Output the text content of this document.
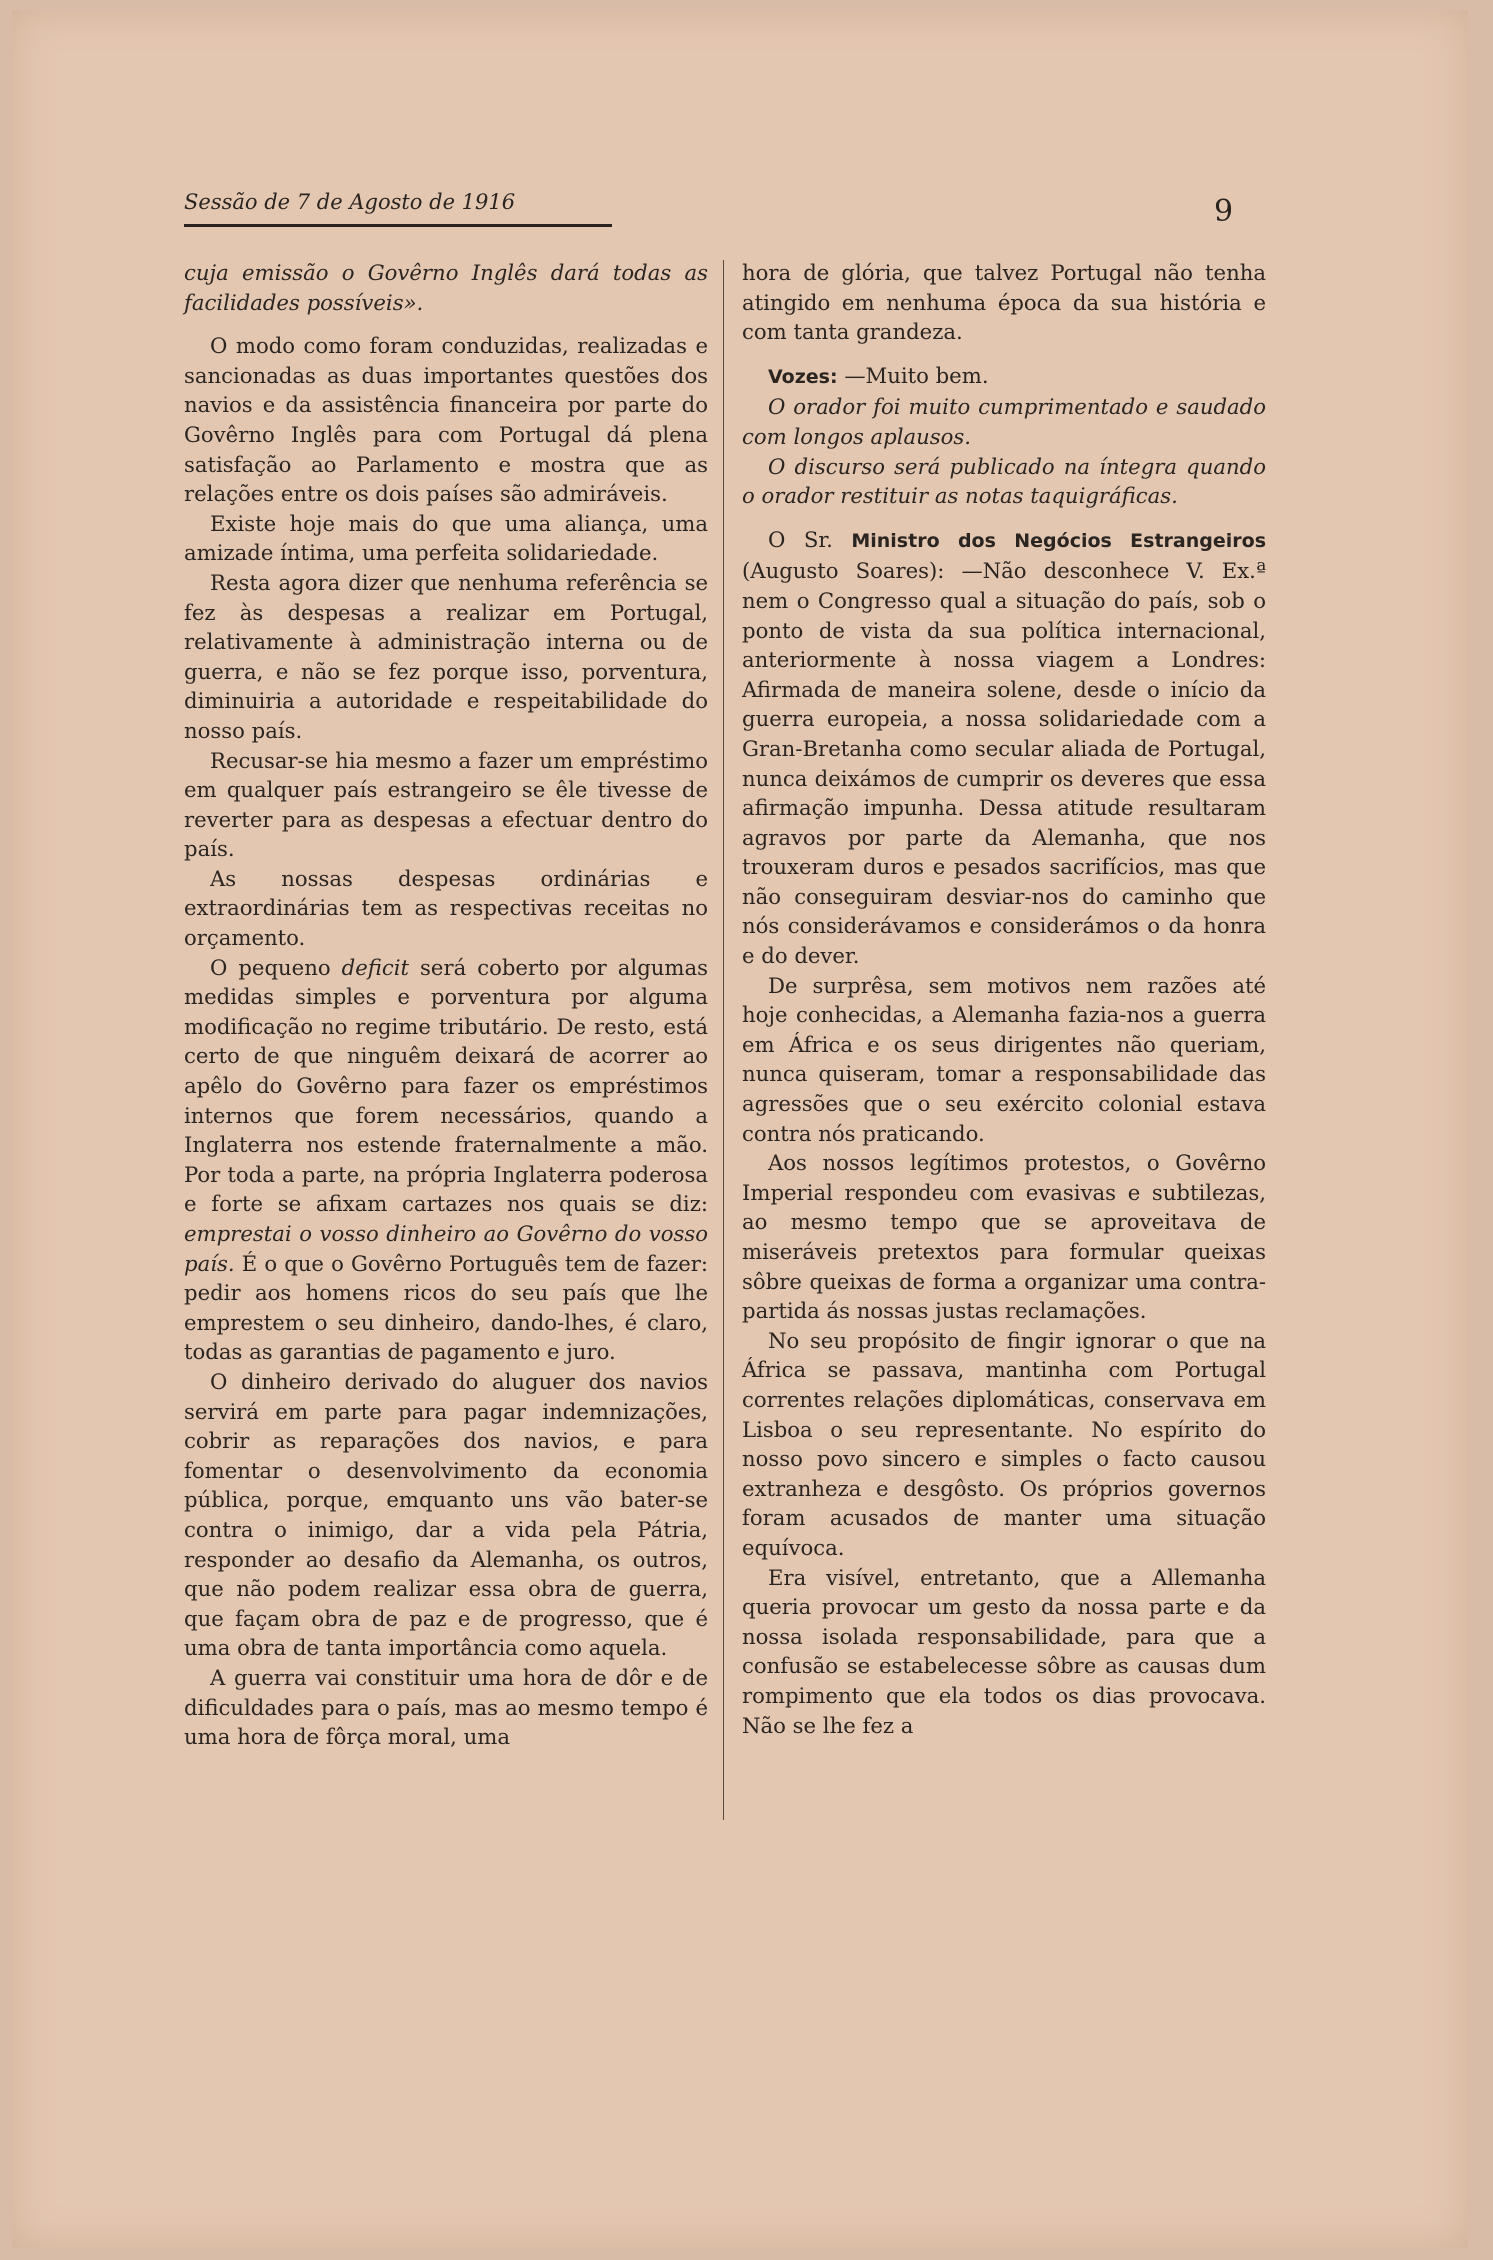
Sessão de 7 de Agosto de 1916	9

cuja emissão o Govêrno Inglês dará todas as facilidades possíveis».

O modo como foram conduzidas, realizadas e sancionadas as duas importantes questões dos navios e da assistência financeira por parte do Govêrno Inglês para com Portugal dá plena satisfação ao Parlamento e mostra que as relações entre os dois países são admiráveis.

Existe hoje mais do que uma aliança, uma amizade íntima, uma perfeita solidariedade.

Resta agora dizer que nenhuma referência se fez às despesas a realizar em Portugal, relativamente à administração interna ou de guerra, e não se fez porque isso, porventura, diminuiria a autoridade e respeitabilidade do nosso país.

Recusar-se hia mesmo a fazer um empréstimo em qualquer país estrangeiro se êle tivesse de reverter para as despesas a efectuar dentro do país.

As nossas despesas ordinárias e extraordinárias tem as respectivas receitas no orçamento.

O pequeno deficit será coberto por algumas medidas simples e porventura por alguma modificação no regime tributário. De resto, está certo de que ninguêm deixará de acorrer ao apêlo do Govêrno para fazer os empréstimos internos que forem necessários, quando a Inglaterra nos estende fraternalmente a mão. Por toda a parte, na própria Inglaterra poderosa e forte se afixam cartazes nos quais se diz: emprestai o vosso dinheiro ao Govêrno do vosso país. É o que o Govêrno Português tem de fazer: pedir aos homens ricos do seu país que lhe emprestem o seu dinheiro, dando-lhes, é claro, todas as garantias de pagamento e juro.

O dinheiro derivado do aluguer dos navios servirá em parte para pagar indemnizações, cobrir as reparações dos navios, e para fomentar o desenvolvimento da economia pública, porque, emquanto uns vão bater-se contra o inimigo, dar a vida pela Pátria, responder ao desafio da Alemanha, os outros, que não podem realizar essa obra de guerra, que façam obra de paz e de progresso, que é uma obra de tanta importância como aquela.

A guerra vai constituir uma hora de dôr e de dificuldades para o país, mas ao mesmo tempo é uma hora de fôrça moral, uma

hora de glória, que talvez Portugal não tenha atingido em nenhuma época da sua história e com tanta grandeza.

Vozes: —Muito bem.

O orador foi muito cumprimentado e saudado com longos aplausos.

O discurso será publicado na íntegra quando o orador restituir as notas taquigráficas.

O Sr. Ministro dos Negócios Estrangeiros (Augusto Soares): —Não desconhece V. Ex.ª nem o Congresso qual a situação do país, sob o ponto de vista da sua política internacional, anteriormente à nossa viagem a Londres: Afirmada de maneira solene, desde o início da guerra europeia, a nossa solidariedade com a Gran-Bretanha como secular aliada de Portugal, nunca deixámos de cumprir os deveres que essa afirmação impunha. Dessa atitude resultaram agravos por parte da Alemanha, que nos trouxeram duros e pesados sacrifícios, mas que não conseguiram desviar-nos do caminho que nós considerávamos e considerámos o da honra e do dever.

De surprêsa, sem motivos nem razões até hoje conhecidas, a Alemanha fazia-nos a guerra em África e os seus dirigentes não queriam, nunca quiseram, tomar a responsabilidade das agressões que o seu exército colonial estava contra nós praticando.

Aos nossos legítimos protestos, o Govêrno Imperial respondeu com evasivas e subtilezas, ao mesmo tempo que se aproveitava de miseráveis pretextos para formular queixas sôbre queixas de forma a organizar uma contra-partida ás nossas justas reclamações.

No seu propósito de fingir ignorar o que na África se passava, mantinha com Portugal correntes relações diplomáticas, conservava em Lisboa o seu representante. No espírito do nosso povo sincero e simples o facto causou extranheza e desgôsto. Os próprios governos foram acusados de manter uma situação equívoca.

Era visível, entretanto, que a Allemanha queria provocar um gesto da nossa parte e da nossa isolada responsabilidade, para que a confusão se estabelecesse sôbre as causas dum rompimento que ela todos os dias provocava. Não se lhe fez a
